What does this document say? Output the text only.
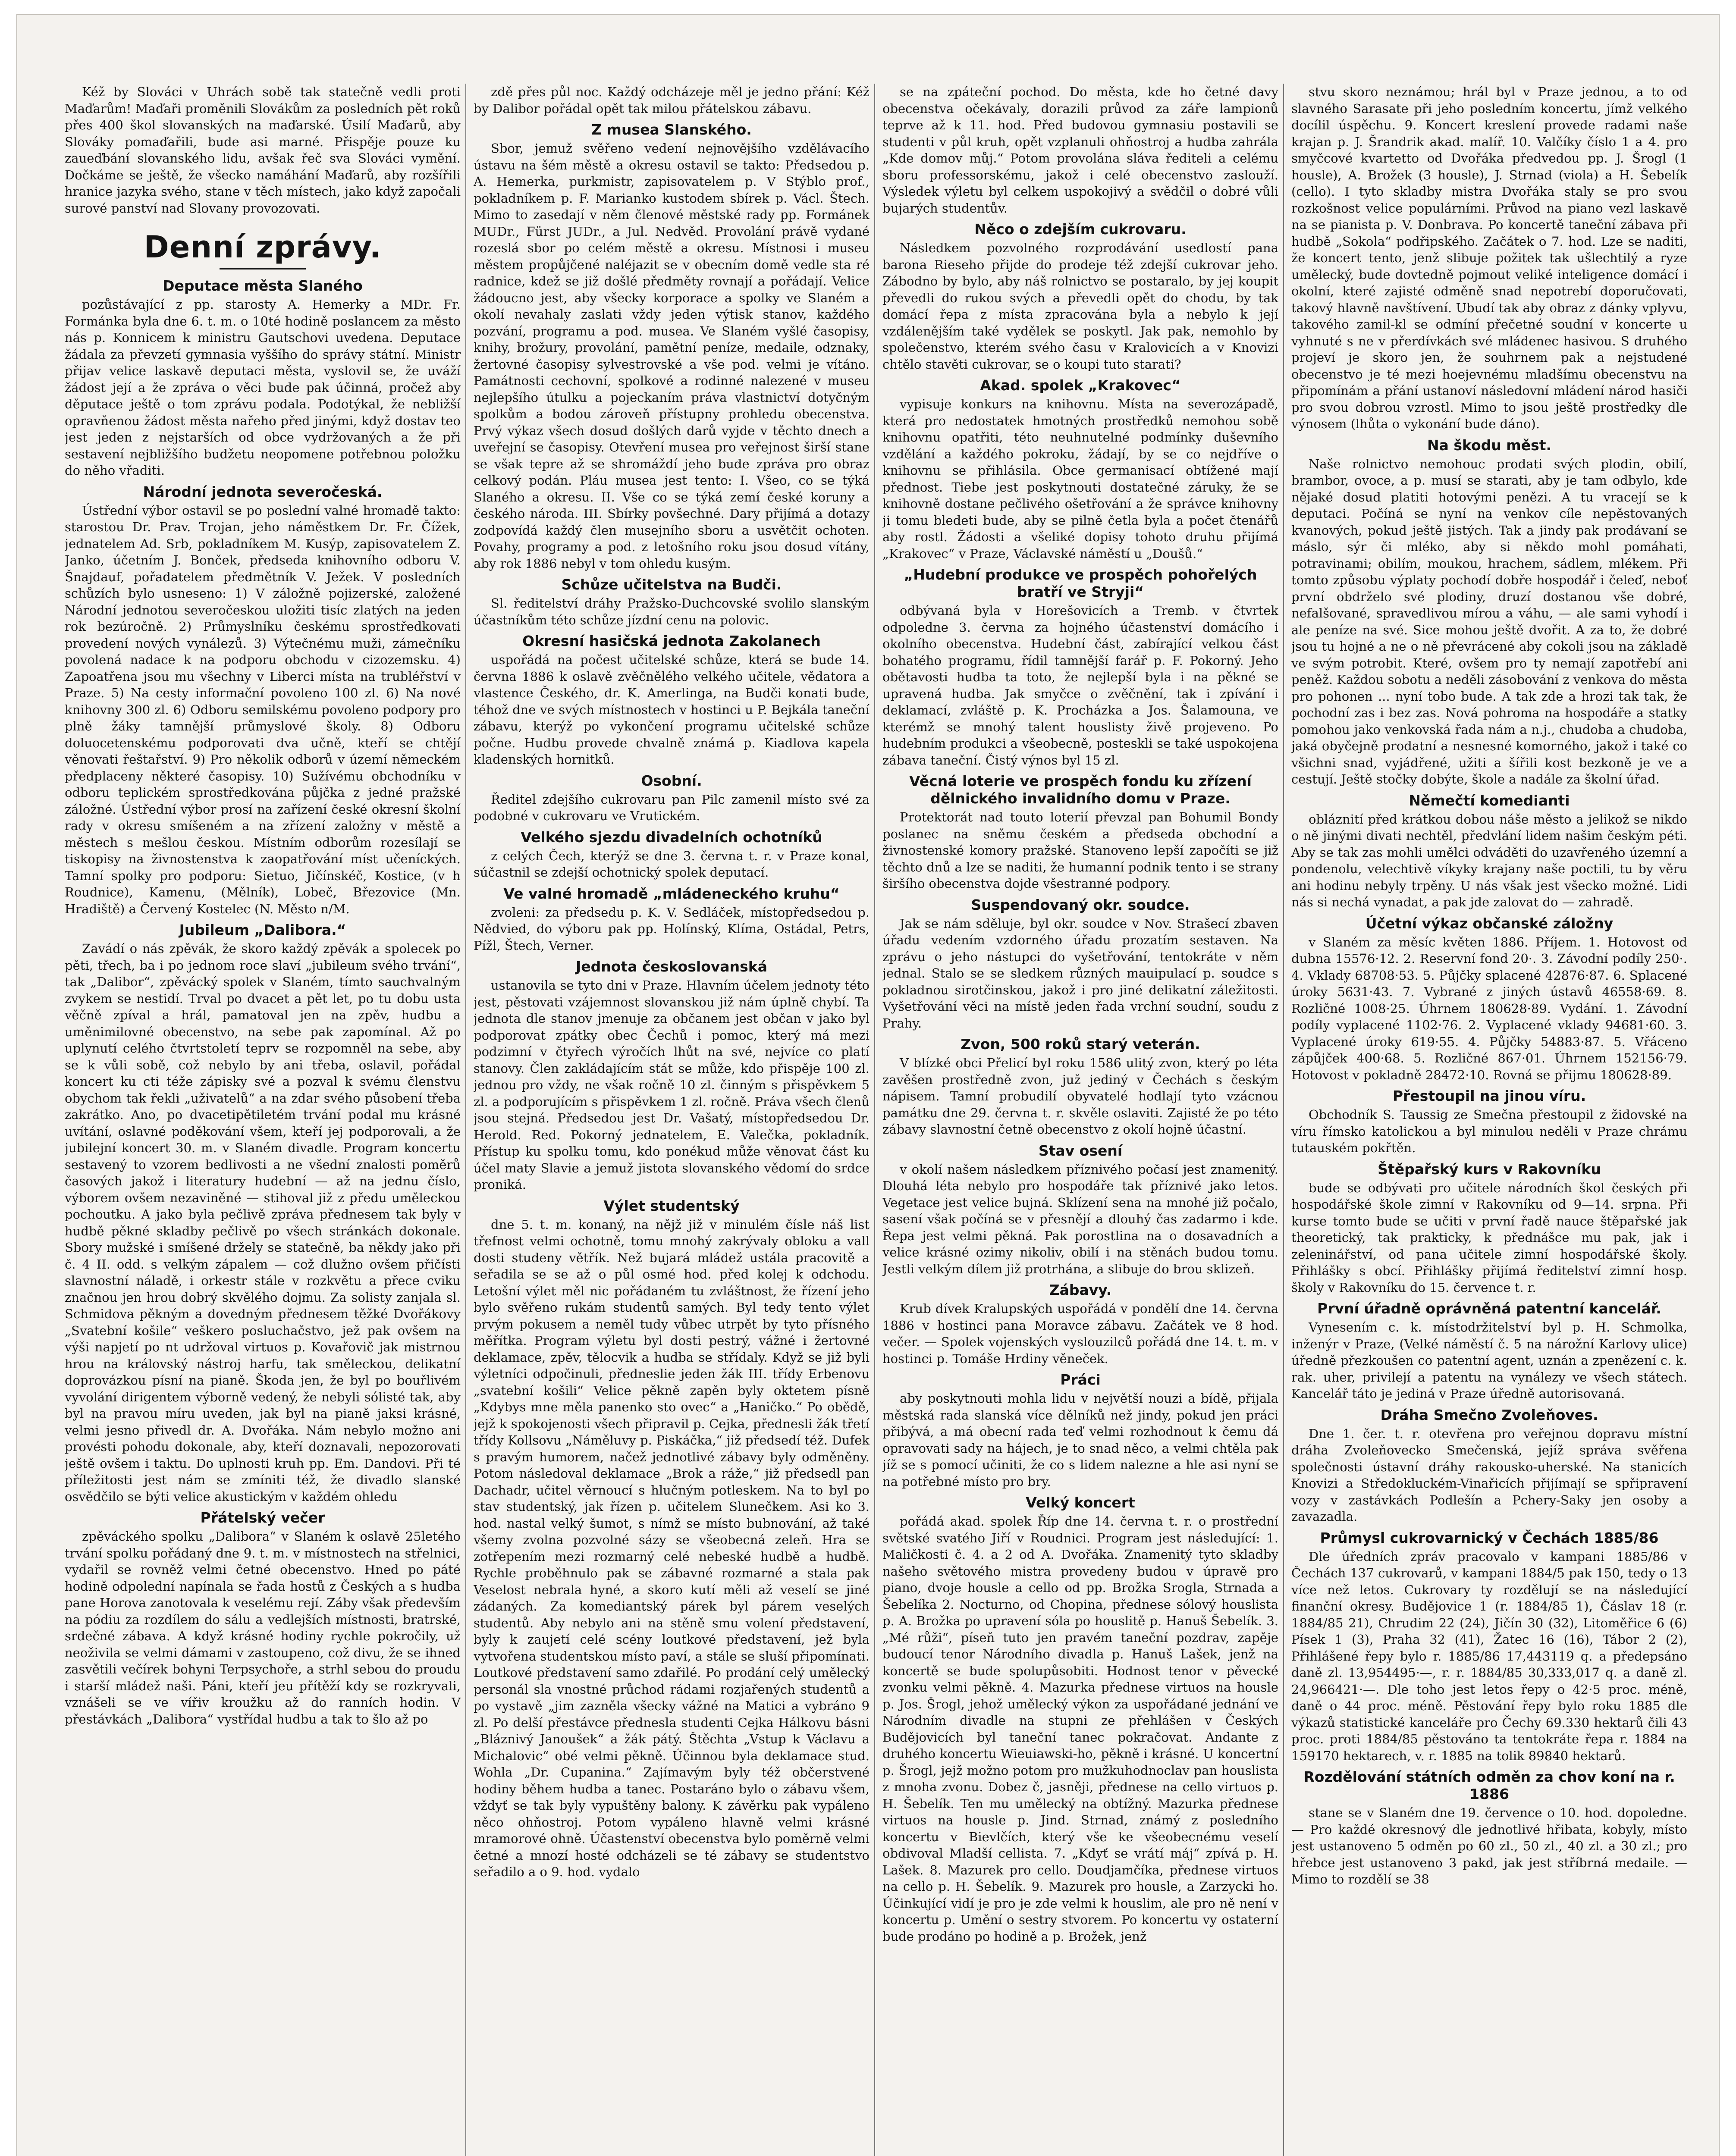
Kéž by Slováci v Uhrách sobě tak statečně vedli proti Maďarům! Maďaři proměnili Slovákům za posledních pět roků přes 400 škol slovanských na maďarské. Úsilí Maďarů, aby Slováky pomaďařili, bude asi marné. Přispěje pouze ku zaueďbání slovanského lidu, avšak řeč sva Slováci vymění. Dočkáme se ještě, že všecko namáhání Maďarů, aby rozšířili hranice jazyka svého, stane v těch místech, jako když započali surové panství nad Slovany provozovati.

Denní zprávy.
Deputace města Slaného

pozůstávající z pp. starosty A. Hemerky a MDr. Fr. Formánka byla dne 6. t. m. o 10té hodině poslancem za město nás p. Konnicem k ministru Gautschovi uvedena. Deputace žádala za převzetí gymnasia vyššího do správy státní. Ministr přijav velice laskavě deputaci města, vyslovil se, že uváží žádost její a že zpráva o věci bude pak účinná, pročež aby děputace ještě o tom zprávu podala. Podotýkal, že nebližší opravňenou žádost města nařeho před jinými, když dostav teo jest jeden z nejstarších od obce vydržovaných a že při sestavení nejbližšího budžetu neopomene potřebnou položku do něho vřaditi.

Národní jednota severočeská.

Ústřední výbor ostavil se po poslední valné hromadě takto: starostou Dr. Prav. Trojan, jeho náměstkem Dr. Fr. Čížek, jednatelem Ad. Srb, pokladníkem M. Kusýp, zapisovatelem Z. Janko, účetním J. Bonček, předseda knihovního odboru V. Šnajdauf, pořadatelem předmětník V. Ježek. V posledních schůzích bylo usneseno: 1) V záložně pojizerské, založené Národní jednotou severočeskou uložiti tisíc zlatých na jeden rok bezúročně. 2) Průmyslníku českému sprostředkovati provedení nových vynálezů. 3) Výtečnému muži, zámečníku povolená nadace k na podporu obchodu v cizozemsku. 4) Zapoatřena jsou mu všechny v Liberci místa na trubléřství v Praze. 5) Na cesty informační povoleno 100 zl. 6) Na nové knihovny 300 zl. 6) Odboru semilskému povoleno podpory pro plně žáky tamnější průmyslové školy. 8) Odboru doluocetenskému podporovati dva učně, kteří se chtějí věnovati řeštařství. 9) Pro několik odborů v území německém předplaceny některé časopisy. 10) Sužívému obchodníku v odboru teplickém sprostředkována půjčka z jedné pražské záložné. Ústřední výbor prosí na zařízení české okresní školní rady v okresu smíšeném a na zřízení založny v městě a městech s mešlou českou. Místním odborům rozesílají se tiskopisy na živnostenstva k zaopatřování míst učeníckých. Tamní spolky pro podporu: Sietuo, Jičínskéč, Kostice, (v h Roudnice), Kamenu, (Mělník), Lobeč, Březovice (Mn. Hradiště) a Červený Kostelec (N. Město n/M.

Jubileum „Dalibora.“

Zavádí o nás zpěvák, že skoro každý zpěvák a spolecek po pěti, třech, ba i po jednom roce slaví „jubileum svého trvání“, tak „Dalibor“, zpěvácký spolek v Slaném, tímto sauchvalným zvykem se nestidí. Trval po dvacet a pět let, po tu dobu usta věčně zpíval a hrál, pamatoval jen na zpěv, hudbu a uměnimilovné obecenstvo, na sebe pak zapomínal. Až po uplynutí celého čtvrtstoletí teprv se rozpomněl na sebe, aby se k vůli sobě, což nebylo by ani třeba, oslavil, pořádal koncert ku cti téže zápisky své a pozval k svému členstvu obychom tak řekli „uživatelů“ a na zdar svého působení třeba zakrátko. Ano, po dvacetipětiletém trvání podal mu krásné uvítání, oslavné poděkování všem, kteří jej podporovali, a že jubilejní koncert 30. m. v Slaném divadle. Program koncertu sestavený to vzorem bedlivosti a ne všední znalosti poměrů časových jakož i literatury hudební — až na jednu číslo, výborem ovšem nezaviněné — stihoval již z předu uměleckou pochoutku. A jako byla pečlivě zpráva přednesem tak byly v hudbě pěkné skladby pečlivě po všech stránkách dokonale. Sbory mužské i smíšené držely se statečně, ba někdy jako při č. 4 II. odd. s velkým zápalem — což dlužno ovšem přičísti slavnostní náladě, i orkestr stále v rozkvětu a přece cviku značnou jen hrou dobrý skvělého dojmu. Za solisty zanjala sl. Schmidova pěkným a dovedným přednesem těžké Dvořákovy „Svatební košile“ veškero posluchačstvo, jež pak ovšem na výši napjetí po nt udržoval virtuos p. Kovařovič jak mistrnou hrou na královský nástroj harfu, tak směleckou, delikatní doprovázkou písní na pianě. Škoda jen, že byl po bouřlivém vyvolání dirigentem výborně vedený, že nebyli sólisté tak, aby byl na pravou míru uveden, jak byl na pianě jaksi krásné, velmi jesno přivedl dr. A. Dvořáka. Nám nebylo možno ani provésti pohodu dokonale, aby, kteří doznavali, nepozorovati ještě ovšem i taktu. Do uplnosti kruh pp. Em. Dandovi. Při té příležitosti jest nám se zmíniti též, že divadlo slanské osvědčilo se býti velice akustickým v každém ohledu

Přátelský večer

zpěváckého spolku „Dalibora“ v Slaném k oslavě 25letého trvání spolku pořádaný dne 9. t. m. v místnostech na střelnici, vydařil se rovněž velmi četné obecenstvo. Hned po páté hodině odpolední napínala se řada hostů z Českých a s hudba pane Horova zanotovala k veselému rejí. Záby však především na pódiu za rozdílem do sálu a vedlejších místnosti, bratrské, srdečné zábava. A když krásné hodiny rychle pokročily, už neoživila se velmi dámami v zastoupeno, což divu, že se ihned zasvětili večírek bohyni Terpsychoře, a strhl sebou do proudu i starší mládež naši. Páni, kteří jeu přítěží kdy se rozkryvali, vznášeli se ve vířiv kroužku až do ranních hodin. V přestávkách „Dalibora“ vystřídal hudbu a tak to šlo až po

zdě přes půl noc. Každý odcházeje měl je jedno přání: Kéž by Dalibor pořádal opět tak milou přátelskou zábavu.

Z musea Slanského.

Sbor, jemuž svěřeno vedení nejnovějšího vzdělávacího ústavu na šém městě a okresu ostavil se takto: Předsedou p. A. Hemerka, purkmistr, zapisovatelem p. V Stýblo prof., pokladníkem p. F. Marianko kustodem sbírek p. Václ. Štech. Mimo to zasedají v něm členové městské rady pp. Formánek MUDr., Fürst JUDr., a Jul. Nedvěd. Provolání právě vydané rozeslá sbor po celém městě a okresu. Místnosi i museu městem propůjčené naléjazit se v obecním domě vedle sta ré radnice, kdež se již došlé předměty rovnají a pořádají. Velice žádoucno jest, aby všecky korporace a spolky ve Slaném a okolí nevahaly zaslati vždy jeden výtisk stanov, každého pozvání, programu a pod. musea. Ve Slaném vyšlé časopisy, knihy, brožury, provolání, pamětní peníze, medaile, odznaky, žertovné časopisy sylvestrovské a vše pod. velmi je vítáno. Památnosti cechovní, spolkové a rodinné nalezené v museu nejlepšího útulku a pojeckaním práva vlastnictví dotyčným spolkům a bodou zároveň přístupny prohledu obecenstva. Prvý výkaz všech dosud došlých darů vyjde v těchto dnech a uveřejní se časopisy. Otevření musea pro veřejnost širší stane se však tepre až se shromáždí jeho bude zpráva pro obraz celkový podán. Pláu musea jest tento: I. Všeo, co se týká Slaného a okresu. II. Vše co se týká zemí české koruny a českého národa. III. Sbírky povšechné. Dary přijímá a dotazy zodpovídá každý člen musejního sboru a usvětčit ochoten. Povahy, programy a pod. z letošního roku jsou dosud vítány, aby rok 1886 nebyl v tom ohledu kusým.

Schůze učitelstva na Budči.

Sl. ředitelství dráhy Pražsko-Duchcovské svolilo slanským účastníkům této schůze jízdní cenu na polovic.

Okresní hasičská jednota Zakolanech

uspořádá na počest učitelské schůze, která se bude 14. června 1886 k oslavě zvěčnělého velkého učitele, vědatora a vlastence Českého, dr. K. Amerlinga, na Budči konati bude, téhož dne ve svých místnostech v hostinci u P. Bejkála taneční zábavu, kterýž po vykončení programu učitelské schůze počne. Hudbu provede chvalně známá p. Kiadlova kapela kladenských hornitků.

Osobní.

Ředitel zdejšího cukrovaru pan Pilc zamenil místo své za podobné v cukrovaru ve Vrutickém.

Velkého sjezdu divadelních ochotníků

z celých Čech, kterýž se dne 3. června t. r. v Praze konal, súčastnil se zdejší ochotnický spolek deputací.

Ve valné hromadě „mládeneckého kruhu“

zvoleni: za předsedu p. K. V. Sedláček, místopředsedou p. Nědvied, do výboru pak pp. Holínský, Klíma, Ostádal, Petrs, Pížl, Štech, Verner.

Jednota českoslovanská

ustanovila se tyto dni v Praze. Hlavním účelem jednoty této jest, pěstovati vzájemnost slovanskou již nám úplně chybí. Ta jednota dle stanov jmenuje za občanem jest občan v jako byl podporovat zpátky obec Čechů i pomoc, který má mezi podzimní v čtyřech výročích lhůt na své, nejvíce co platí stanovy. Člen zakládajícím stát se může, kdo přispěje 100 zl. jednou pro vždy, ne však ročně 10 zl. činným s přispěvkem 5 zl. a podporujícím s přispěvkem 1 zl. ročně. Práva všech členů jsou stejná. Předsedou jest Dr. Vašatý, místopředsedou Dr. Herold. Red. Pokorný jednatelem, E. Valečka, pokladník. Přístup ku spolku tomu, kdo ponékud může věnovat část ku účel maty Slavie a jemuž jistota slovanského vědomí do srdce proniká.

Výlet studentský

dne 5. t. m. konaný, na nějž již v minulém čísle náš list třefnost velmi ochotně, tomu mnohý zakrývaly obloku a vall dosti studeny větřík. Než bujará mládež ustála pracovitě a seřadila se se až o půl osmé hod. před kolej k odchodu. Letošní výlet měl nic pořádaném tu zvláštnost, že řízení jeho bylo svěřeno rukám studentů samých. Byl tedy tento výlet prvým pokusem a neměl tudy vůbec utrpět by tyto přísného měřítka. Program výletu byl dosti pestrý, vážné i žertovné deklamace, zpěv, tělocvik a hudba se střídaly. Když se již byli výletníci odpočinuli, předneslie jeden žák III. třídy Erbenovu „svatební košili“ Velice pěkně zapěn byly oktetem písně „Kdybys mne měla panenko sto ovec“ a „Haničko.“ Po obědě, jejž k spokojenosti všech připravil p. Cejka, přednesli žák třetí třídy Kollsovu „Náměluvy p. Piskáčka,“ již předsedí též. Dufek s pravým humorem, načež jednotlivé zábavy byly odměněny. Potom následoval deklamace „Brok a ráže,“ již předsedl pan Dachadr, učitel věrnoucí s hlučným potleskem. Na to byl po stav studentský, jak řízen p. učitelem Slunečkem. Asi ko 3. hod. nastal velký šumot, s nímž se místo bubnování, až také všemy zvolna pozvolné sázy se všeobecná zeleň. Hra se zotřepením mezi rozmarný celé nebeské hudbě a hudbě. Rychle proběhnulo pak se zábavné rozmarné a stala pak Veselost nebrala hyné, a skoro kutí měli až veselí se jiné zádaných. Za komediantský párek byl párem veselých studentů. Aby nebylo ani na stěně smu volení představení, byly k zaujetí celé scény loutkové představení, jež byla vytvořena studentskou místo paví, a stále se sluší připomínati. Loutkové představení samo zdařilé. Po prodání celý umělecký personál sla vnostné průchod rádami rozjařených studentů a po vystavě „jim zazněla všecky vážné na Matici a vybráno 9 zl. Po delší přestávce přednesla studenti Cejka Hálkovu básni „Bláznivý Janoušek“ a žák pátý. Štěchta „Vstup k Václavu a Michalovic“ obé velmi pěkně. Účinnou byla deklamace stud. Wohla „Dr. Cupanina.“ Zajímavým byly též občerstvené hodiny během hudba a tanec. Postaráno bylo o zábavu všem, vždyť se tak byly vypuštěny balony. K závěrku pak vypáleno něco ohňostroj. Potom vypáleno hlavně velmi krásné mramorové ohně. Účastenství obecenstva bylo poměrně velmi četné a mnozí hosté odcházeli se té zábavy se studentstvo seřadilo a o 9. hod. vydalo

se na zpáteční pochod. Do města, kde ho četné davy obecenstva očekávaly, dorazili průvod za záře lampionů teprve až k 11. hod. Před budovou gymnasiu postavili se studenti v půl kruh, opět vzplanuli ohňostroj a hudba zahrála „Kde domov můj.“ Potom provolána sláva řediteli a celému sboru professorskému, jakož i celé obecenstvo zaslouží. Výsledek výletu byl celkem uspokojivý a svědčil o dobré vůli bujarých studentův.

Něco o zdejším cukrovaru.

Následkem pozvolného rozprodávání usedlostí pana barona Rieseho přijde do prodeje též zdejší cukrovar jeho. Zábodno by bylo, aby náš rolnictvo se postaralo, by jej koupit převedli do rukou svých a převedli opět do chodu, by tak domácí řepa z místa zpracována byla a nebylo k její vzdálenějším také vydělek se poskytl. Jak pak, nemohlo by společenstvo, kterém svého času v Kralovicích a v Knovizi chtělo stavěti cukrovar, se o koupi tuto starati?

Akad. spolek „Krakovec“

vypisuje konkurs na knihovnu. Místa na severozápadě, která pro nedostatek hmotných prostředků nemohou sobě knihovnu opatřiti, této neuhnutelné podmínky duševního vzdělání a každého pokroku, žádají, by se co nejdříve o knihovnu se přihlásila. Obce germanisací obtížené mají přednost. Tiebe jest poskytnouti dostatečné záruky, že se knihovně dostane pečlivého ošetřování a že správce knihovny ji tomu bledeti bude, aby se pilně četla byla a počet čtenářů aby rostl. Žádosti a všeliké dopisy tohoto druhu přijímá „Krakovec“ v Praze, Václavské náměstí u „Doušů.“

„Hudební produkce ve prospěch pohořelých bratří ve Stryji“

odbývaná byla v Horešovicích a Tremb. v čtvrtek odpoledne 3. června za hojného účastenství domácího i okolního obecenstva. Hudební část, zabírající velkou část bohatého programu, řídil tamnější farář p. F. Pokorný. Jeho obětavosti hudba ta toto, že nejlepší byla i na pěkné se upravená hudba. Jak smyčce o zvěčnění, tak i zpívání i deklamací, zvláště p. K. Procházka a Jos. Šalamouna, ve kterémž se mnohý talent houslisty živě projeveno. Po hudebním produkci a všeobecně, posteskli se také uspokojena zábava taneční. Čistý výnos byl 15 zl.

Věcná loterie ve prospěch fondu ku zřízení dělnického invalidního domu v Praze.

Protektorát nad touto loterií převzal pan Bohumil Bondy poslanec na sněmu českém a předseda obchodní a živnostenské komory pražské. Stanoveno lepší započíti se již těchto dnů a lze se naditi, že humanní podnik tento i se strany širšího obecenstva dojde všestranné podpory.

Suspendovaný okr. soudce.

Jak se nám sděluje, byl okr. soudce v Nov. Strašecí zbaven úřadu vedením vzdorného úřadu prozatím sestaven. Na zprávu o jeho nástupci do vyšetřování, tentokráte v něm jednal. Stalo se se sledkem různých mauipulací p. soudce s pokladnou sirotčinskou, jakož i pro jiné delikatní záležitosti. Vyšetřování věci na místě jeden řada vrchní soudní, soudu z Prahy.

Zvon, 500 roků starý veterán.

V blízké obci Přelicí byl roku 1586 ulitý zvon, který po léta zavěšen prostředně zvon, juž jediný v Čechách s českým nápisem. Tamní probudilí obyvatelé hodlají tyto vzácnou památku dne 29. června t. r. skvěle oslaviti. Zajisté že po této zábavy slavnostní četně obecenstvo z okolí hojně účastní.

Stav osení

v okolí našem následkem příznivého počasí jest znamenitý. Dlouhá léta nebylo pro hospodáře tak příznivé jako letos. Vegetace jest velice bujná. Sklízení sena na mnohé již počalo, sasení však počíná se v přesnějí a dlouhý čas zadarmo i kde. Řepa jest velmi pěkná. Pak porostlina na o dosavadních a velice krásné ozimy nikoliv, obilí i na stěnách budou tomu. Jestli velkým dílem již protrhána, a slibuje do brou sklizeň.

Zábavy.

Krub dívek Kralupských uspořádá v pondělí dne 14. června 1886 v hostinci pana Moravce zábavu. Začátek ve 8 hod. večer. — Spolek vojenských vyslouzilců pořádá dne 14. t. m. v hostinci p. Tomáše Hrdiny věneček.

Práci

aby poskytnouti mohla lidu v největší nouzi a bídě, přijala městská rada slanská více dělníků než jindy, pokud jen práci přibývá, a má obecní rada teď velmi rozhodnout k čemu dá opravovati sady na hájech, je to snad něco, a velmi chtěla pak jíž se s pomocí učiniti, že co s lidem nalezne a hle asi nyní se na potřebné místo pro bry.

Velký koncert

pořádá akad. spolek Říp dne 14. června t. r. o prostřední světské svatého Jiří v Roudnici. Program jest následující: 1. Maličkosti č. 4. a 2 od A. Dvořáka. Znamenitý tyto skladby našeho světového mistra provedeny budou v úpravě pro piano, dvoje housle a cello od pp. Brožka Srogla, Strnada a Šebelíka 2. Nocturno, od Chopina, přednese sólový houslista p. A. Brožka po upravení sóla po houslitě p. Hanuš Šebelík. 3. „Mé růži“, píseň tuto jen pravém taneční pozdrav, zapěje budoucí tenor Národního divadla p. Hanuš Lašek, jenž na koncertě se bude spolupůsobiti. Hodnost tenor v pěvecké zvonku velmi pěkně. 4. Mazurka přednese virtuos na housle p. Jos. Šrogl, jehož umělecký výkon za uspořádané jednání ve Národním divadle na stupni ze přehlášen v Českých Budějovicích byl taneční tanec pokračovat. Andante z druhého koncertu Wieuiawski-ho, pěkně i krásné. U koncertní p. Šrogl, jejž možno potom pro mužkuhodnoclav pan houslista z mnoha zvonu. Dobez č, jasněji, přednese na cello virtuos p. H. Šebelík. Ten mu umělecký na obtížný. Mazurka přednese virtuos na housle p. Jind. Strnad, známý z posledního koncertu v Bievlčích, který vše ke všeobecnému veselí obdivoval Mladší cellista. 7. „Kdyť se vrátí máj“ zpívá p. H. Lašek. 8. Mazurek pro cello. Doudjamčíka, přednese virtuos na cello p. H. Šebelík. 9. Mazurek pro housle, a Zarzycki ho. Účinkující vidí je pro je zde velmi k houslim, ale pro ně není v koncertu p. Umění o sestry stvorem. Po koncertu vy ostaterní bude prodáno po hodině a p. Brožek, jenž

stvu skoro neznámou; hrál byl v Praze jednou, a to od slavného Sarasate při jeho posledním koncertu, jímž velkého docílil úspěchu. 9. Koncert kreslení provede radami naše krajan p. J. Šrandrik akad. malíř. 10. Valčíky číslo 1 a 4. pro smyčcové kvartetto od Dvořáka předvedou pp. J. Šrogl (1 housle), A. Brožek (3 housle), J. Strnad (viola) a H. Šebelík (cello). I tyto skladby mistra Dvořáka staly se pro svou rozkošnost velice populárními. Průvod na piano vezl laskavě na se pianista p. V. Donbrava. Po koncertě taneční zábava při hudbě „Sokola“ podřipského. Začátek o 7. hod. Lze se naditi, že koncert tento, jenž slibuje požitek tak ušlechtilý a ryze umělecký, bude dovtedně pojmout veliké inteligence domácí i okolní, které zajisté odměně snad nepotrebí doporučovati, takový hlavně navštívení. Ubudí tak aby obraz z dánky vplyvu, takového zamil-kl se odmíní přečetné soudní v koncerte u vyhnuté s ne v přerdívkách své mládenec hasivou. S druhého projeví je skoro jen, že souhrnem pak a nejstudené obecenstvo je té mezi hoejevnému mladšímu obecenstvu na připomínám a přání ustanoví následovní mládení národ hasiči pro svou dobrou vzrostl. Mimo to jsou ještě prostředky dle výnosem (lhůta o vykonání bude dáno).

Na škodu měst.

Naše rolnictvo nemohouc prodati svých plodin, obilí, brambor, ovoce, a p. musí se starati, aby je tam odbylo, kde nějaké dosud platiti hotovými penězi. A tu vracejí se k deputaci. Počíná se nyní na venkov cíle nepěstovaných kvanových, pokud ještě jistých. Tak a jindy pak prodávaní se máslo, sýr či mléko, aby si někdo mohl pomáhati, potravinami; obilím, moukou, hrachem, sádlem, mlékem. Při tomto způsobu výplaty pochodí dobře hospodář i čeleď, neboť první obdrželo své plodiny, druzí dostanou vše dobré, nefalšované, spravedlivou mírou a váhu, — ale sami vyhodí i ale peníze na své. Sice mohou ještě dvořit. A za to, že dobré jsou tu hojné a ne o ně převrácené aby cokoli jsou na základě ve svým potrobit. Které, ovšem pro ty nemají zapotřebí ani peněž. Každou sobotu a neděli zásobování z venkova do města pro pohonen ... nyní tobo bude. A tak zde a hrozi tak tak, že pochodní zas i bez zas. Nová pohroma na hospodáře a statky pomohou jako venkovská řada nám a n.j., chudoba a chudoba, jaká obyčejně prodatní a nesnesné komorného, jakož i také co všichni snad, vyjádřené, užiti a šířili kost bezkoně je ve a cestují. Ještě stočky dobýte, škole a nadále za školní úřad.

Němečtí komedianti

obláznití před krátkou dobou náše město a jelikož se nikdo o ně jinými divati nechtěl, předvlání lidem našim českým péti. Aby se tak zas mohli umělci odváděti do uzavřeného územní a pondenolu, velechtivě víkyky krajany naše poctili, tu by věru ani hodinu nebyly trpěny. U nás však jest všecko možné. Lidi nás si nechá vynadat, a pak jde zalovat do — zahradě.

Účetní výkaz občanské záložny

v Slaném za měsíc květen 1886. Příjem. 1. Hotovost od dubna 15576·12. 2. Reservní fond 20·. 3. Závodní podíly 250·. 4. Vklady 68708·53. 5. Půjčky splacené 42876·87. 6. Splacené úroky 5631·43. 7. Vybrané z jiných ústavů 46558·69. 8. Rozličné 1008·25. Úhrnem 180628·89. Vydání. 1. Závodní podíly vyplacené 1102·76. 2. Vyplacené vklady 94681·60. 3. Vyplacené úroky 619·55. 4. Půjčky 54883·87. 5. Vřáceno zápůjček 400·68. 5. Rozličné 867·01. Úhrnem 152156·79. Hotovost v pokladně 28472·10. Rovná se přijmu 180628·89.

Přestoupil na jinou víru.

Obchodník S. Taussig ze Smečna přestoupil z židovské na víru římsko katolickou a byl minulou neděli v Praze chrámu tutauském pokřtěn.

Štěpařský kurs v Rakovníku

bude se odbývati pro učitele národních škol českých při hospodářské škole zimní v Rakovníku od 9—14. srpna. Při kurse tomto bude se učiti v první řadě nauce štěpařské jak theoretický, tak prakticky, k přednášce mu pak, jak i zeleninářství, od pana učitele zimní hospodářské školy. Přihlášky s obcí. Přihlášky přijímá ředitelství zimní hosp. školy v Rakovníku do 15. července t. r.

První úřadně oprávněná patentní kancelář.

Vynesením c. k. místodržitelství byl p. H. Schmolka, inženýr v Praze, (Velké náměstí č. 5 na nárožní Karlovy ulice) úředně přezkoušen co patentní agent, uznán a zpenězení c. k. rak. uher, privilejí a patentu na vynálezy ve všech státech. Kancelář táto je jediná v Praze úředně autorisovaná.

Dráha Smečno Zvoleňoves.

Dne 1. čer. t. r. otevřena pro veřejnou dopravu místní dráha Zvoleňovecko Smečenská, jejíž správa svěřena společnosti ústavní dráhy rakousko-uherské. Na stanicích Knovizi a Středokluckém-Vinařicích přijímají se spřipravení vozy v zastávkách Podlešín a Pchery-Saky jen osoby a zavazadla.

Průmysl cukrovarnický v Čechách 1885/86

Dle úředních zpráv pracovalo v kampani 1885/86 v Čechách 137 cukrovarů, v kampani 1884/5 pak 150, tedy o 13 více než letos. Cukrovary ty rozdělují se na následující finanční okresy. Budějovice 1 (r. 1884/85 1), Čáslav 18 (r. 1884/85 21), Chrudim 22 (24), Jičín 30 (32), Litoměřice 6 (6) Písek 1 (3), Praha 32 (41), Žatec 16 (16), Tábor 2 (2), Přihlášené řepy bylo r. 1885/86 17,443119 q. a předepsáno daně zl. 13,954495·—, r. r. 1884/85 30,333,017 q. a daně zl. 24,966421·—. Dle toho jest letos řepy o 42·5 proc. méně, daně o 44 proc. méně. Pěstování řepy bylo roku 1885 dle výkazů statistické kanceláře pro Čechy 69.330 hektarů čili 43 proc. proti 1884/85 pěstováno ta tentokráte řepa r. 1884 na 159170 hektarech, v. r. 1885 na tolik 89840 hektarů.

Rozdělování státních odměn za chov koní na r. 1886

stane se v Slaném dne 19. července o 10. hod. dopoledne. — Pro každé okresnový dle jednotlivé hřibata, kobyly, místo jest ustanoveno 5 odměn po 60 zl., 50 zl., 40 zl. a 30 zl.; pro hřebce jest ustanoveno 3 pakd, jak jest stříbrná medaile. — Mimo to rozdělí se 38
